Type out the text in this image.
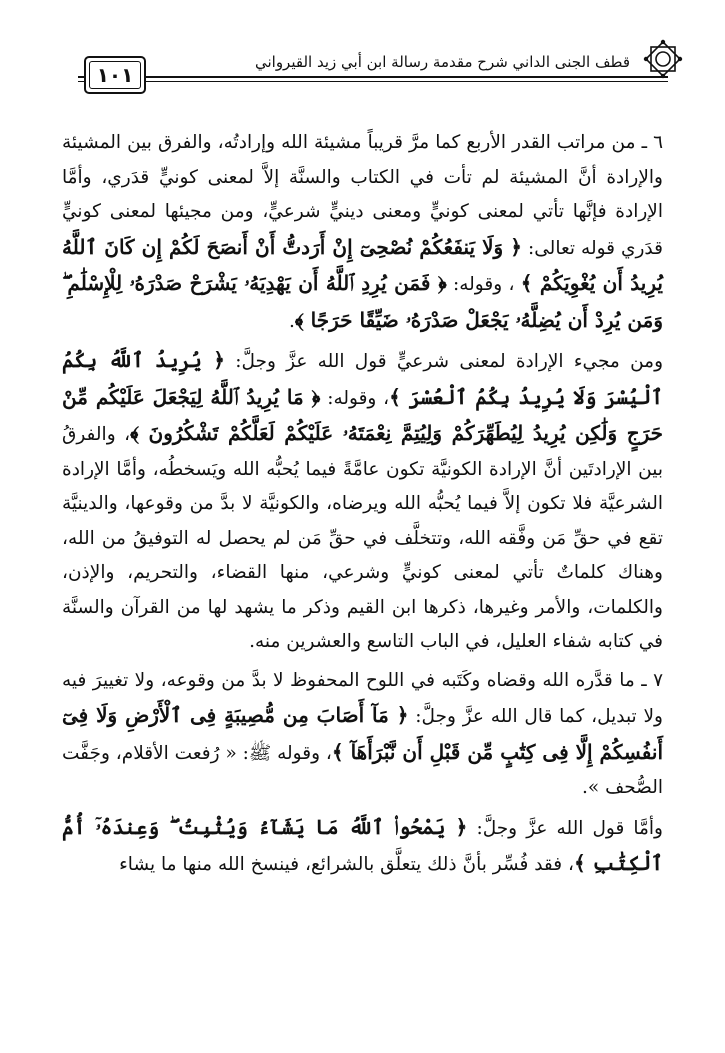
قطف الجنى الداني شرح مقدمة رسالة ابن أبي زيد القيرواني
١٠١

٦ ـ من مراتب القدر الأربع كما مرَّ قريباً مشيئة الله وإرادتُه، والفرق بين المشيئة والإرادة أنَّ المشيئة لم تأت في الكتاب والسنَّة إلاَّ لمعنى كونيٍّ قدَري، وأمَّا الإرادة فإنَّها تأتي لمعنى كونيٍّ ومعنى دينيٍّ شرعيٍّ، ومن مجيئها لمعنى كونيٍّ قدَري قوله تعالى: ﴿ وَلَا يَنفَعُكُمْ نُصْحِىٓ إِنْ أَرَدتُّ أَنْ أَنصَحَ لَكُمْ إِن كَانَ ٱللَّهُ يُرِيدُ أَن يُغْوِيَكُمْ ﴾ ، وقوله: ﴿ فَمَن يُرِدِ ٱللَّهُ أَن يَهْدِيَهُۥ يَشْرَحْ صَدْرَهُۥ لِلْإِسْلَٰمِ ۖ وَمَن يُرِدْ أَن يُضِلَّهُۥ يَجْعَلْ صَدْرَهُۥ ضَيِّقًا حَرَجًا ﴾.

ومن مجيء الإرادة لمعنى شرعيٍّ قول الله عزَّ وجلَّ: ﴿ يُرِيدُ ٱللَّهُ بِكُمُ ٱلْيُسْرَ وَلَا يُرِيدُ بِكُمُ ٱلْعُسْرَ ﴾، وقوله: ﴿ مَا يُرِيدُ ٱللَّهُ لِيَجْعَلَ عَلَيْكُم مِّنْ حَرَجٍ وَلَٰكِن يُرِيدُ لِيُطَهِّرَكُمْ وَلِيُتِمَّ نِعْمَتَهُۥ عَلَيْكُمْ لَعَلَّكُمْ تَشْكُرُونَ ﴾، والفرقُ بين الإرادتَين أنَّ الإرادة الكونيَّة تكون عامَّةً فيما يُحبُّه الله ويَسخطُه، وأمَّا الإرادة الشرعيَّة فلا تكون إلاَّ فيما يُحبُّه الله ويرضاه، والكونيَّة لا بدَّ من وقوعها، والدينيَّة تقع في حقِّ مَن وفَّقه الله، وتتخلَّف في حقِّ مَن لم يحصل له التوفيقُ من الله، وهناك كلماتٌ تأتي لمعنى كونيٍّ وشرعي، منها القضاء، والتحريم، والإذن، والكلمات، والأمر وغيرها، ذكرها ابن القيم وذكر ما يشهد لها من القرآن والسنَّة في كتابه شفاء العليل، في الباب التاسع والعشرين منه.

٧ ـ ما قدَّره الله وقضاه وكَتَبه في اللوح المحفوظ لا بدَّ من وقوعه، ولا تغييرَ فيه ولا تبديل، كما قال الله عزَّ وجلَّ: ﴿ مَآ أَصَابَ مِن مُّصِيبَةٍ فِى ٱلْأَرْضِ وَلَا فِىٓ أَنفُسِكُمْ إِلَّا فِى كِتَٰبٍ مِّن قَبْلِ أَن نَّبْرَأَهَآ ﴾، وقوله ﷺ: « رُفعت الأقلام، وجَفَّت الصُّحف ».

وأمَّا قول الله عزَّ وجلَّ: ﴿ يَمْحُوا۟ ٱللَّهُ مَا يَشَآءُ وَيُثْبِتُ ۖ وَعِندَهُۥٓ أُمُّ ٱلْكِتَٰبِ ﴾، فقد فُسِّر بأنَّ ذلك يتعلَّق بالشرائع، فينسخ الله منها ما يشاء
